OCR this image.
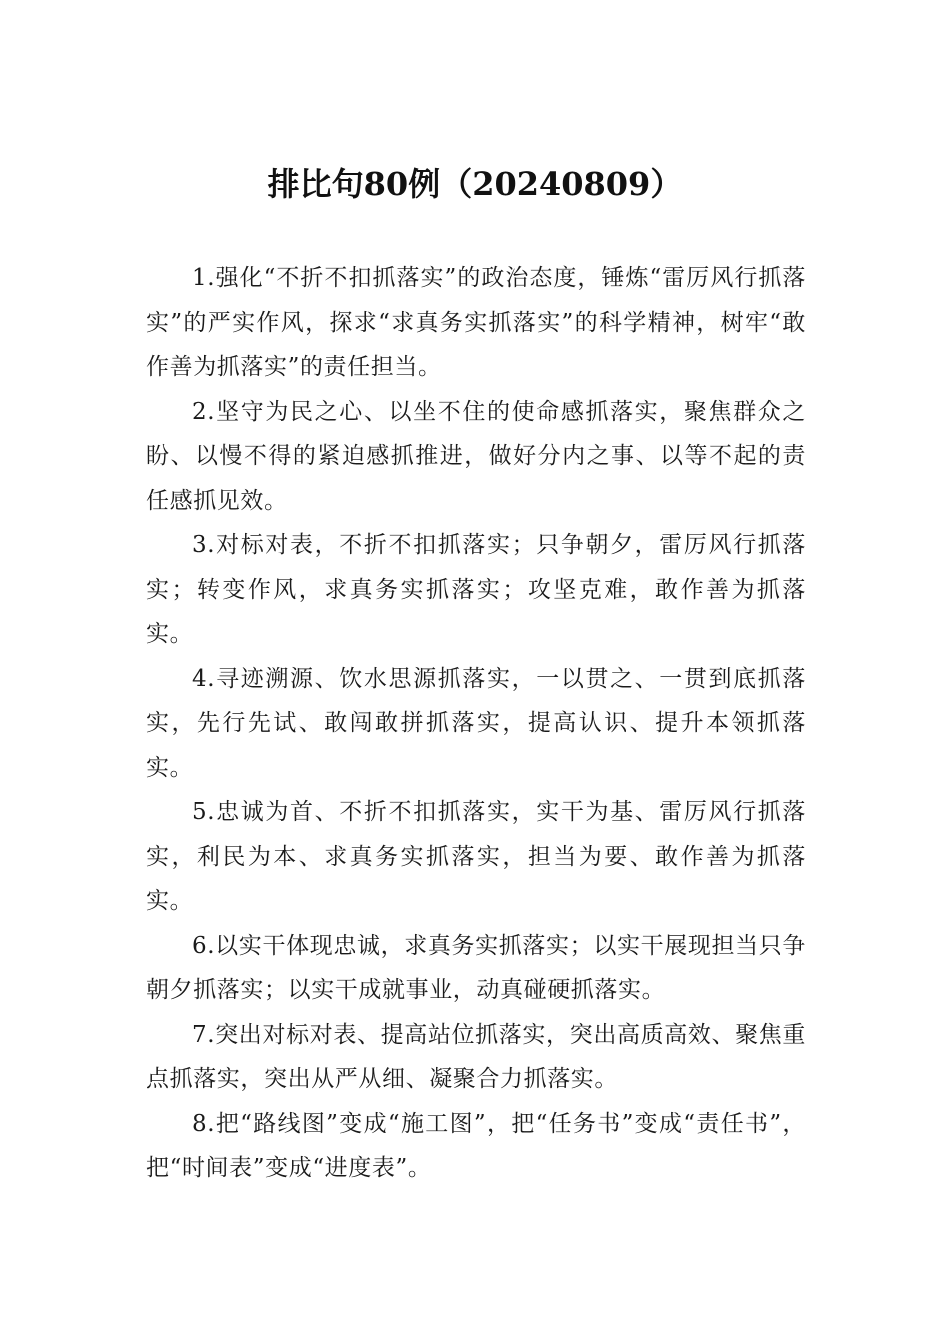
排比句80例（20240809）

1.强化“不折不扣抓落实”的政治态度，锤炼“雷厉风行抓落实”的严实作风，探求“求真务实抓落实”的科学精神，树牢“敢作善为抓落实”的责任担当。

2.坚守为民之心、以坐不住的使命感抓落实，聚焦群众之盼、以慢不得的紧迫感抓推进，做好分内之事、以等不起的责任感抓见效。

3.对标对表，不折不扣抓落实；只争朝夕，雷厉风行抓落实；转变作风，求真务实抓落实；攻坚克难，敢作善为抓落实。

4.寻迹溯源、饮水思源抓落实，一以贯之、一贯到底抓落实，先行先试、敢闯敢拼抓落实，提高认识、提升本领抓落实。

5.忠诚为首、不折不扣抓落实，实干为基、雷厉风行抓落实，利民为本、求真务实抓落实，担当为要、敢作善为抓落实。

6.以实干体现忠诚，求真务实抓落实；以实干展现担当只争朝夕抓落实；以实干成就事业，动真碰硬抓落实。

7.突出对标对表、提高站位抓落实，突出高质高效、聚焦重点抓落实，突出从严从细、凝聚合力抓落实。

8.把“路线图”变成“施工图”，把“任务书”变成“责任书”，把“时间表”变成“进度表”。
